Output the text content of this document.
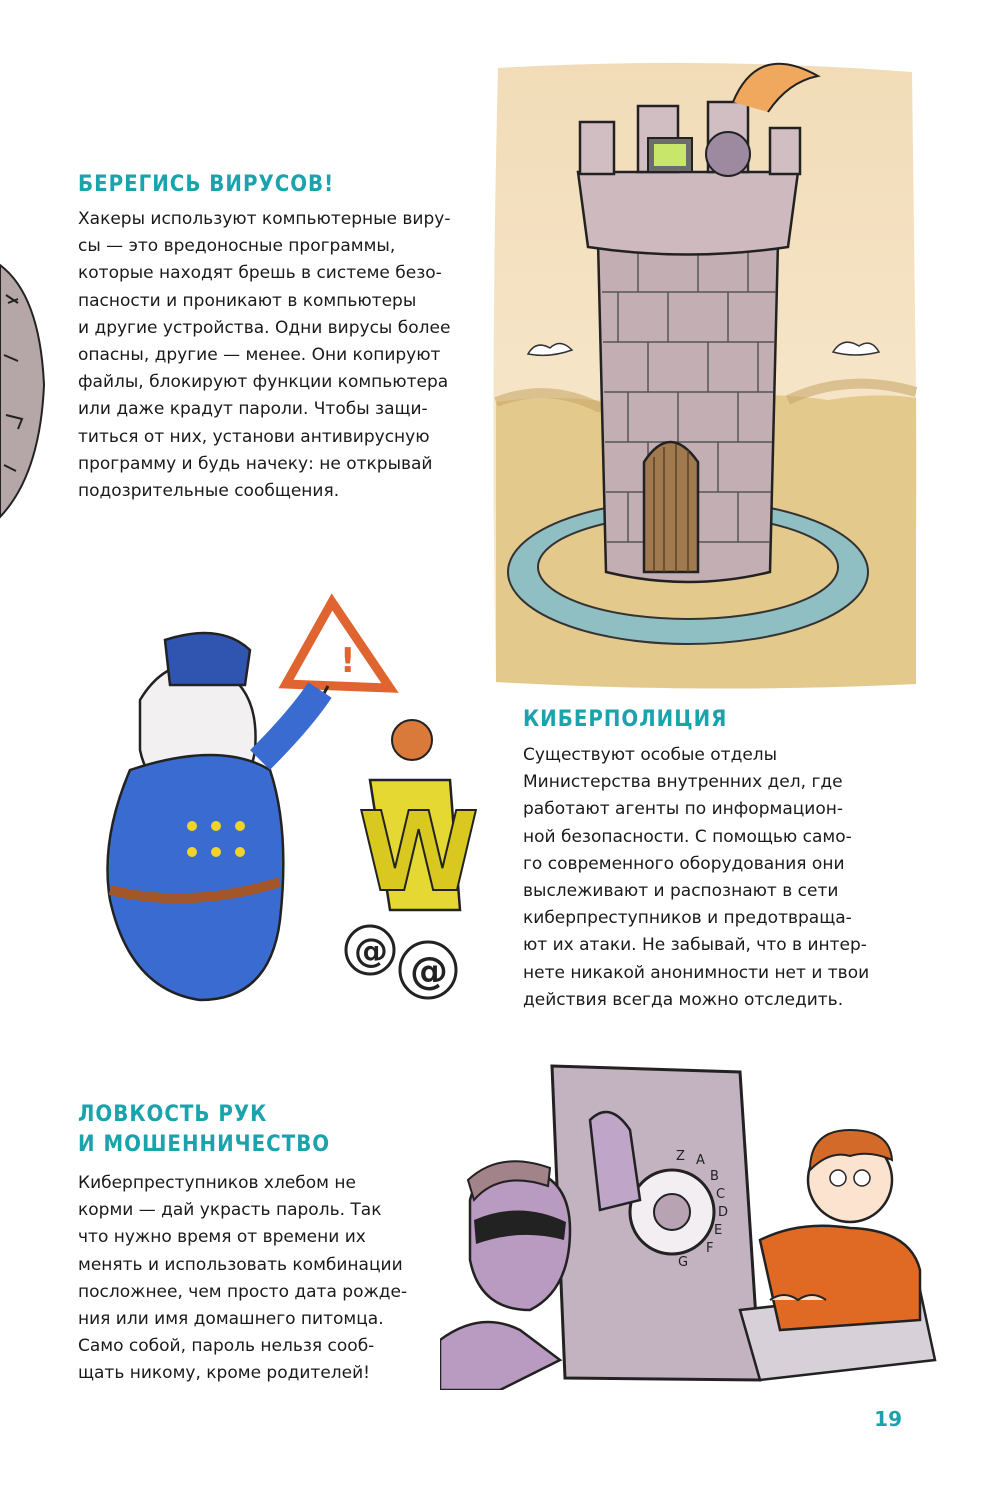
БЕРЕГИСЬ ВИРУСОВ!

Хакеры используют компьютерные виру-
сы — это вредоносные программы,
которые находят брешь в системе безо-
пасности и проникают в компьютеры
и другие устройства. Одни вирусы более
опасны, другие — менее. Они копируют
файлы, блокируют функции компьютера
или даже крадут пароли. Чтобы защи-
титься от них, установи антивирусную
программу и будь начеку: не открывай
подозрительные сообщения.

!
W
@ @
КИБЕРПОЛИЦИЯ

Существуют особые отделы
Министерства внутренних дел, где
работают агенты по информацион-
ной безопасности. С помощью само-
го современного оборудования они
выслеживают и распознают в сети
киберпреступников и предотвраща-
ют их атаки. Не забывай, что в интер-
нете никакой анонимности нет и твои
действия всегда можно отследить.

ЛОВКОСТЬ РУК
И МОШЕННИЧЕСТВО

Киберпреступников хлебом не
корми — дай украсть пароль. Так
что нужно время от времени их
менять и использовать комбинации
посложнее, чем просто дата рожде-
ния или имя домашнего питомца.
Само собой, пароль нельзя сооб-
щать никому, кроме родителей!

Z A
B
C
D
E
F
G
19
